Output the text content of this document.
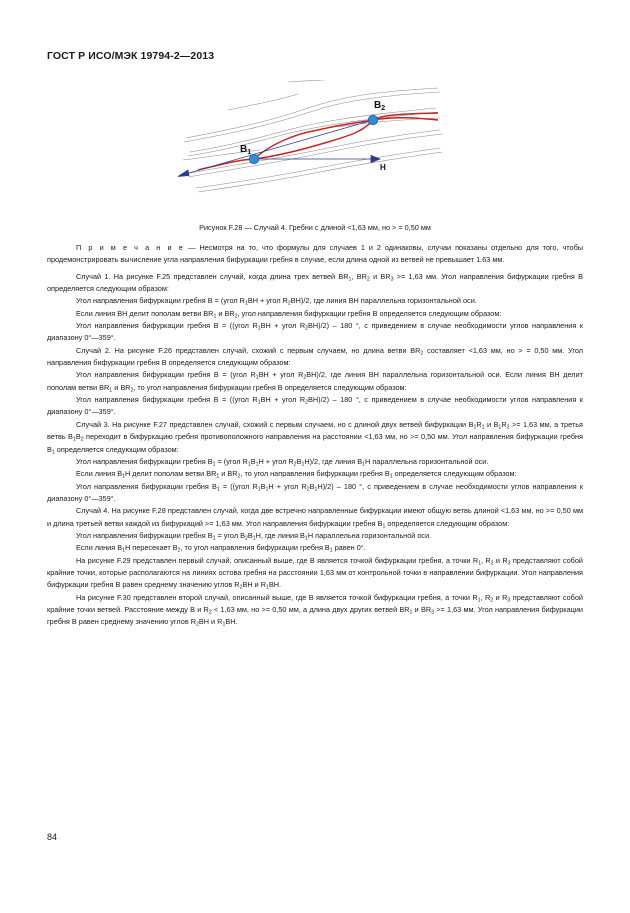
ГОСТ Р ИСО/МЭК 19794-2—2013
$B_1$
$B_2$
H
Рисунок F.28 — Случай 4. Гребни с длиной <1,63 мм, но > = 0,50 мм

П р и м е ч а н и е — Несмотря на то, что формулы для случаев 1 и 2 одинаковы, случаи показаны отдельно для того, чтобы продемонстрировать вычисление угла направления бифуркации гребня в случае, если длина одной из ветвей не превышает 1.63 мм.

Случай 1. На рисунке F.25 представлен случай, когда длина трех ветвей $BR_1$, $BR_2$ и $BR_3 >= 1,63$ мм. Угол направления бифуркации гребня B определяется следующим образом:

Угол направления бифуркации гребня B = (угол $R_1BH$ + угол $R_2BH)/2$, где линия BH параллельна горизонтальной оси.

Если линия BH делит пополам ветви $BR_1$ и $BR_2$, угол направления бифуркации гребня B определяется следующим образом:

Угол направления бифуркации гребня B = ((угол $R_1BH$ + угол $R_2BH)/2) - 180$ °, с приведением в случае необходимости углов направления к диапазону 0°—359°.

Случай 2. На рисунке F.26 представлен случай, схожий с первым случаем, но длина ветви $BR_2$ составляет <1,63 мм, но > = 0,50 мм. Угол направления бифуркации гребня B определяется следующим образом:

Угол направления бифуркации гребня B = (угол $R_1BH$ + угол $R_2BH)/2$, где линия BH параллельна горизонтальной оси. Если линия BH делит пополам ветви $BR_1$ и $BR_2$, то угол направления бифуркации гребня B определяется следующим образом:

Угол направления бифуркации гребня B = ((угол $R_1BH$ + угол $R_2BH)/2) - 180$ °, с приведением в случае необходимости углов направления к диапазону 0°—359°.

Случай 3. На рисунке F.27 представлен случай, схожий с первым случаем, но с длиной двух ветвей бифуркации $B_1R_1$ и $B_1R_2 >= 1,63$ мм, а третья ветвь $B_1B_2$ переходит в бифуркацию гребня противоположного направления на расстоянии <1,63 мм, но >= 0,50 мм. Угол направления бифуркации гребня $B_1$ определяется следующим образом:

Угол направления бифуркации гребня $B_1$ = (угол $R_1B_1H$ + угол $R_2B_1H)/2$, где линия $B_1H$ параллельна горизонтальной оси.

Если линия $B_1H$ делит пополам ветви $BR_1$ и $BR_2$, то угол направления бифуркации гребня $B_1$ определяется следующим образом:

Угол направления бифуркации гребня $B_1$ = ((угол $R_1B_1H$ + угол $R_2B_1H)/2) - 180$ °, с приведением в случае необходимости углов направления к диапазону 0°—359°.

Случай 4. На рисунке F.28 представлен случай, когда две встречно направленные бифуркации имеют общую ветвь длиной <1,63 мм, но >= 0,50 мм и длина третьей ветви каждой из бифуркаций >= 1,63 мм. Угол направления бифуркации гребня $B_1$ определяется следующим образом:

Угол направления бифуркации гребня $B_1$ = угол $B_2B_1H$, где линия $B_1H$ параллельна горизонтальной оси.

Если линия $B_1H$ пересекает $B_2$, то угол направления бифуркации гребня $B_1$ равен 0°.

На рисунке F.29 представлен первый случай, описанный выше, где B является точкой бифуркации гребня, а точки $R_1$, $R_2$ и $R_3$ представляют собой крайние точки, которые располагаются на линиях остова гребня на расстоянии 1,63 мм от контрольной точки в направлении бифуркации. Угол направления бифуркации гребня B равен среднему значению углов $R_2BH$ и $R_1BH$.

На рисунке F.30 представлен второй случай, описанный выше, где B является точкой бифуркации гребня, а точки $R_1$, $R_2$ и $R_3$ представляют собой крайние точки ветвей. Расстояние между B и $R_2 < 1,63$ мм, но >= 0,50 мм, а длина двух других ветвей $BR_1$ и $BR_3 >= 1,63$ мм. Угол направления бифуркации гребня B равен среднему значению углов $R_2BH$ и $R_1BH$.

84
